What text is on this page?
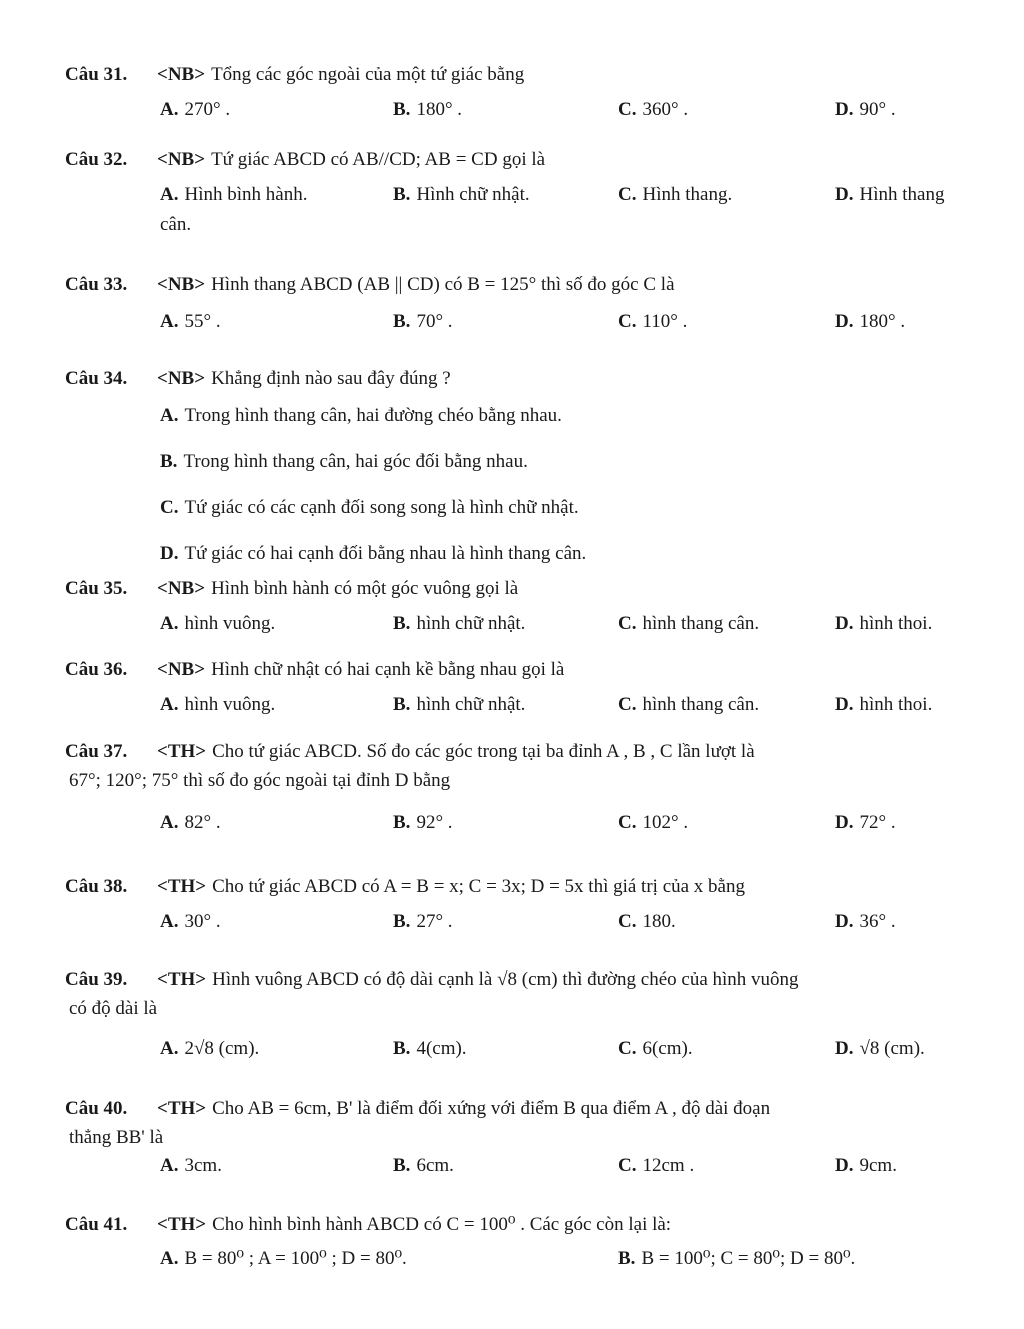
Câu 31.	<NB> Tổng các góc ngoài của một tứ giác bằng
A. 270° .	B. 180° .	C. 360° .	D. 90° .
Câu 32.	<NB> Tứ giác ABCD có AB//CD; AB = CD gọi là
A. Hình bình hành.	B. Hình chữ nhật.	C. Hình thang.	D. Hình thang
cân.
Câu 33.	<NB> Hình thang ABCD (AB || CD) có B = 125° thì số đo góc C là
A. 55° .	B. 70° .	C. 110° .	D. 180° .
Câu 34.	<NB> Khẳng định nào sau đây đúng ?
A. Trong hình thang cân, hai đường chéo bằng nhau.
B. Trong hình thang cân, hai góc đối bằng nhau.
C. Tứ giác có các cạnh đối song song là hình chữ nhật.
D. Tứ giác có hai cạnh đối bằng nhau là hình thang cân.
Câu 35.	<NB> Hình bình hành có một góc vuông gọi là
A. hình vuông.	B. hình chữ nhật.	C. hình thang cân.	D. hình thoi.
Câu 36.	<NB> Hình chữ nhật có hai cạnh kề bằng nhau gọi là
A. hình vuông.	B. hình chữ nhật.	C. hình thang cân.	D. hình thoi.
Câu 37.	<TH> Cho tứ giác ABCD. Số đo các góc trong tại ba đỉnh A , B , C lần lượt là
67°; 120°; 75° thì số đo góc ngoài tại đỉnh D bằng
A. 82° .	B. 92° .	C. 102° .	D. 72° .
Câu 38.	<TH> Cho tứ giác ABCD có A = B = x; C = 3x; D = 5x thì giá trị của x bằng
A. 30° .	B. 27° .	C. 180.	D. 36° .
Câu 39.	<TH> Hình vuông ABCD có độ dài cạnh là √8 (cm) thì đường chéo của hình vuông
có độ dài là
A. 2√8 (cm).	B. 4(cm).	C. 6(cm).	D. √8 (cm).
Câu 40.	<TH> Cho AB = 6cm, B' là điểm đối xứng với điểm B qua điểm A , độ dài đoạn
thẳng BB' là
A. 3cm.	B. 6cm.	C. 12cm .	D. 9cm.
Câu 41.	<TH> Cho hình bình hành ABCD có C = 100⁰ . Các góc còn lại là:
A. B = 80⁰ ; A = 100⁰ ; D = 80⁰.	B. B = 100⁰; C = 80⁰; D = 80⁰.
